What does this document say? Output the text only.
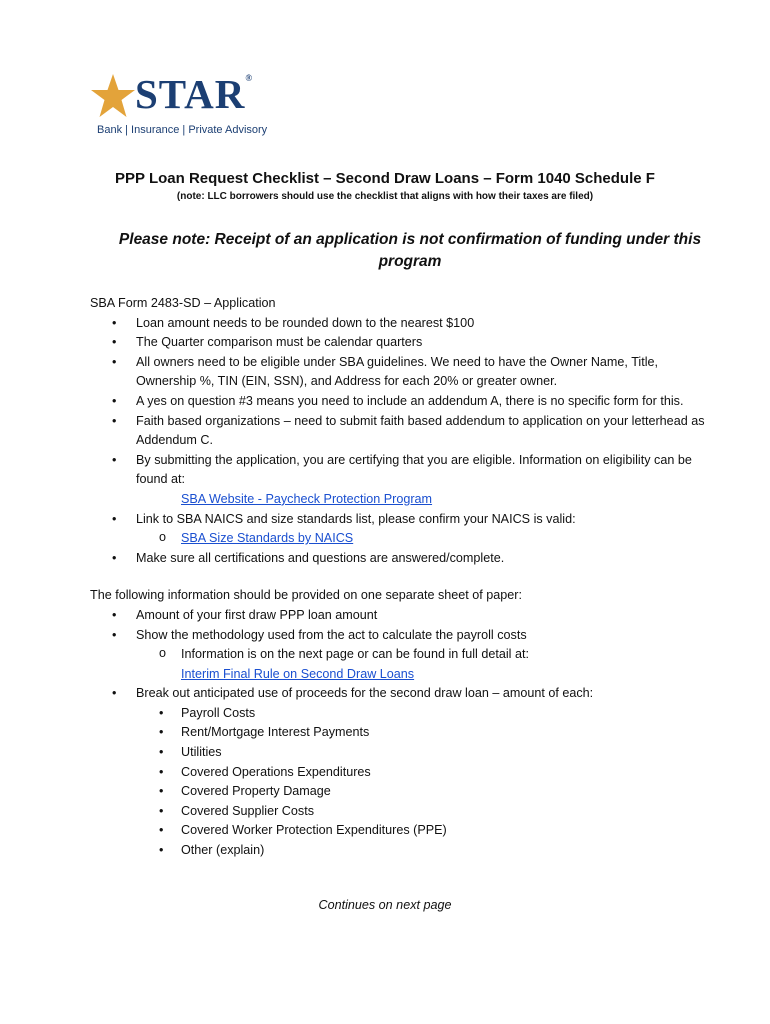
STAR®
Bank | Insurance | Private Advisory
PPP Loan Request Checklist – Second Draw Loans – Form 1040 Schedule F
(note: LLC borrowers should use the checklist that aligns with how their taxes are filed)
Please note: Receipt of an application is not confirmation of funding under this program

SBA Form 2483-SD – Application

• Loan amount needs to be rounded down to the nearest $100
• The Quarter comparison must be calendar quarters
• All owners need to be eligible under SBA guidelines. We need to have the Owner Name, Title, Ownership %, TIN (EIN, SSN), and Address for each 20% or greater owner.
• A yes on question #3 means you need to include an addendum A, there is no specific form for this.
• Faith based organizations – need to submit faith based addendum to application on your letterhead as Addendum C.
• By submitting the application, you are certifying that you are eligible. Information on eligibility can be found at:
SBA Website - Paycheck Protection Program
• Link to SBA NAICS and size standards list, please confirm your NAICS is valid:
o SBA Size Standards by NAICS
• Make sure all certifications and questions are answered/complete.

The following information should be provided on one separate sheet of paper:

• Amount of your first draw PPP loan amount
• Show the methodology used from the act to calculate the payroll costs
o Information is on the next page or can be found in full detail at:
Interim Final Rule on Second Draw Loans
• Break out anticipated use of proceeds for the second draw loan – amount of each:
• Payroll Costs
• Rent/Mortgage Interest Payments
• Utilities
• Covered Operations Expenditures
• Covered Property Damage
• Covered Supplier Costs
• Covered Worker Protection Expenditures (PPE)
• Other (explain)
Continues on next page
